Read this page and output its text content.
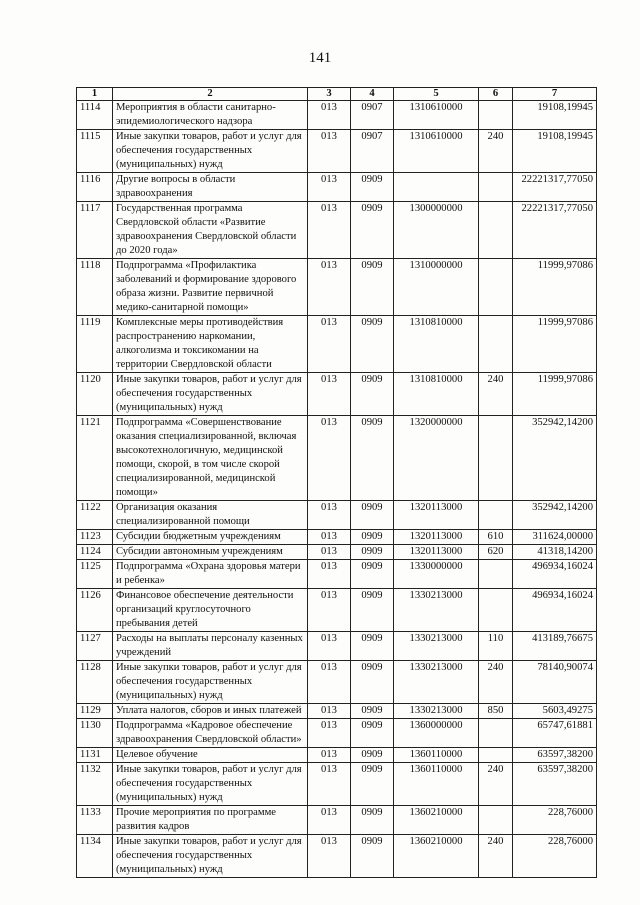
141
1	2	3	4	5	6	7
1114	Мероприятия в области санитарно-эпидемиологического надзора	013	0907	1310610000		19108,19945
1115	Иные закупки товаров, работ и услуг для обеспечения государственных (муниципальных) нужд	013	0907	1310610000	240	19108,19945
1116	Другие вопросы в области здравоохранения	013	0909			22221317,77050
1117	Государственная программа Свердловской области «Развитие здравоохранения Свердловской области до 2020 года»	013	0909	1300000000		22221317,77050
1118	Подпрограмма «Профилактика заболеваний и формирование здорового образа жизни. Развитие первичной медико-санитарной помощи»	013	0909	1310000000		11999,97086
1119	Комплексные меры противодействия распространению наркомании, алкоголизма и токсикомании на территории Свердловской области	013	0909	1310810000		11999,97086
1120	Иные закупки товаров, работ и услуг для обеспечения государственных (муниципальных) нужд	013	0909	1310810000	240	11999,97086
1121	Подпрограмма «Совершенствование оказания специализированной, включая высокотехнологичную, медицинской помощи, скорой, в том числе скорой специализированной, медицинской помощи»	013	0909	1320000000		352942,14200
1122	Организация оказания специализированной помощи	013	0909	1320113000		352942,14200
1123	Субсидии бюджетным учреждениям	013	0909	1320113000	610	311624,00000
1124	Субсидии автономным учреждениям	013	0909	1320113000	620	41318,14200
1125	Подпрограмма «Охрана здоровья матери и ребенка»	013	0909	1330000000		496934,16024
1126	Финансовое обеспечение деятельности организаций круглосуточного пребывания детей	013	0909	1330213000		496934,16024
1127	Расходы на выплаты персоналу казенных учреждений	013	0909	1330213000	110	413189,76675
1128	Иные закупки товаров, работ и услуг для обеспечения государственных (муниципальных) нужд	013	0909	1330213000	240	78140,90074
1129	Уплата налогов, сборов и иных платежей	013	0909	1330213000	850	5603,49275
1130	Подпрограмма «Кадровое обеспечение здравоохранения Свердловской области»	013	0909	1360000000		65747,61881
1131	Целевое обучение	013	0909	1360110000		63597,38200
1132	Иные закупки товаров, работ и услуг для обеспечения государственных (муниципальных) нужд	013	0909	1360110000	240	63597,38200
1133	Прочие мероприятия по программе развития кадров	013	0909	1360210000		228,76000
1134	Иные закупки товаров, работ и услуг для обеспечения государственных (муниципальных) нужд	013	0909	1360210000	240	228,76000
